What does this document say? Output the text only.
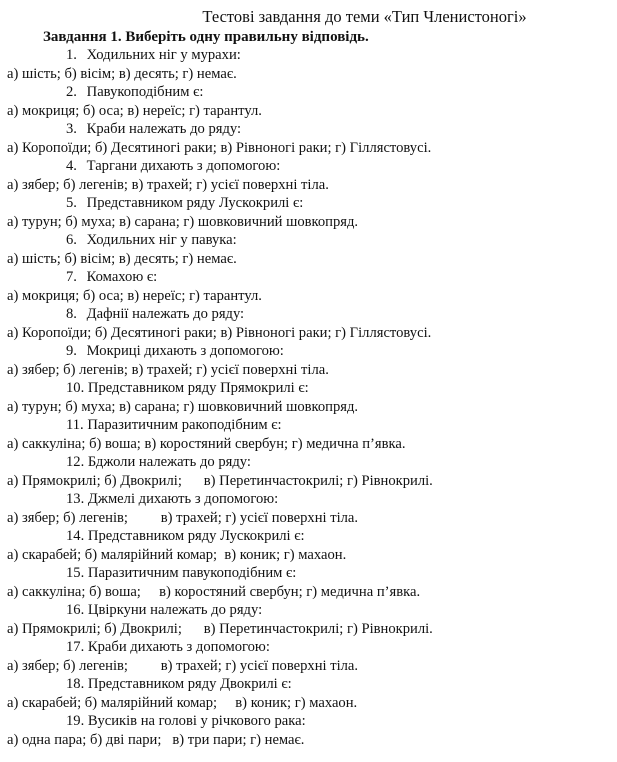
Тестові завдання до теми «Тип Членистоногі»
Завдання 1. Виберіть одну правильну відповідь.
1. Ходильних ніг у мурахи:
а) шість; б) вісім; в) десять; г) немає.
2. Павукоподібним є:
а) мокриця; б) оса; в) нереїс; г) тарантул.
3. Краби належать до ряду:
а) Коропоїди; б) Десятиногі раки; в) Рівноногі раки; г) Гіллястовусі.
4. Таргани дихають з допомогою:
а) зябер; б) легенів; в) трахей; г) усієї поверхні тіла.
5. Представником ряду Лускокрилі є:
а) турун; б) муха; в) сарана; г) шовковичний шовкопряд.
6. Ходильних ніг у павука:
а) шість; б) вісім; в) десять; г) немає.
7. Комахою є:
а) мокриця; б) оса; в) нереїс; г) тарантул.
8. Дафнії належать до ряду:
а) Коропоїди; б) Десятиногі раки; в) Рівноногі раки; г) Гіллястовусі.
9. Мокриці дихають з допомогою:
а) зябер; б) легенів; в) трахей; г) усієї поверхні тіла.
10. Представником ряду Прямокрилі є:
а) турун; б) муха; в) сарана; г) шовковичний шовкопряд.
11. Паразитичним ракоподібним є:
а) саккуліна; б) воша; в) коростяний свербун; г) медична п’явка.
12. Бджоли належать до ряду:
а) Прямокрилі; б) Двокрилі;      в) Перетинчастокрилі; г) Рівнокрилі.
13. Джмелі дихають з допомогою:
а) зябер; б) легенів;         в) трахей; г) усієї поверхні тіла.
14. Представником ряду Лускокрилі є:
а) скарабей; б) малярійний комар;  в) коник; г) махаон.
15. Паразитичним павукоподібним є:
а) саккуліна; б) воша;     в) коростяний свербун; г) медична п’явка.
16. Цвіркуни належать до ряду:
а) Прямокрилі; б) Двокрилі;      в) Перетинчастокрилі; г) Рівнокрилі.
17. Краби дихають з допомогою:
а) зябер; б) легенів;         в) трахей; г) усієї поверхні тіла.
18. Представником ряду Двокрилі є:
а) скарабей; б) малярійний комар;     в) коник; г) махаон.
19. Вусиків на голові у річкового рака:
а) одна пара; б) дві пари;   в) три пари; г) немає.
